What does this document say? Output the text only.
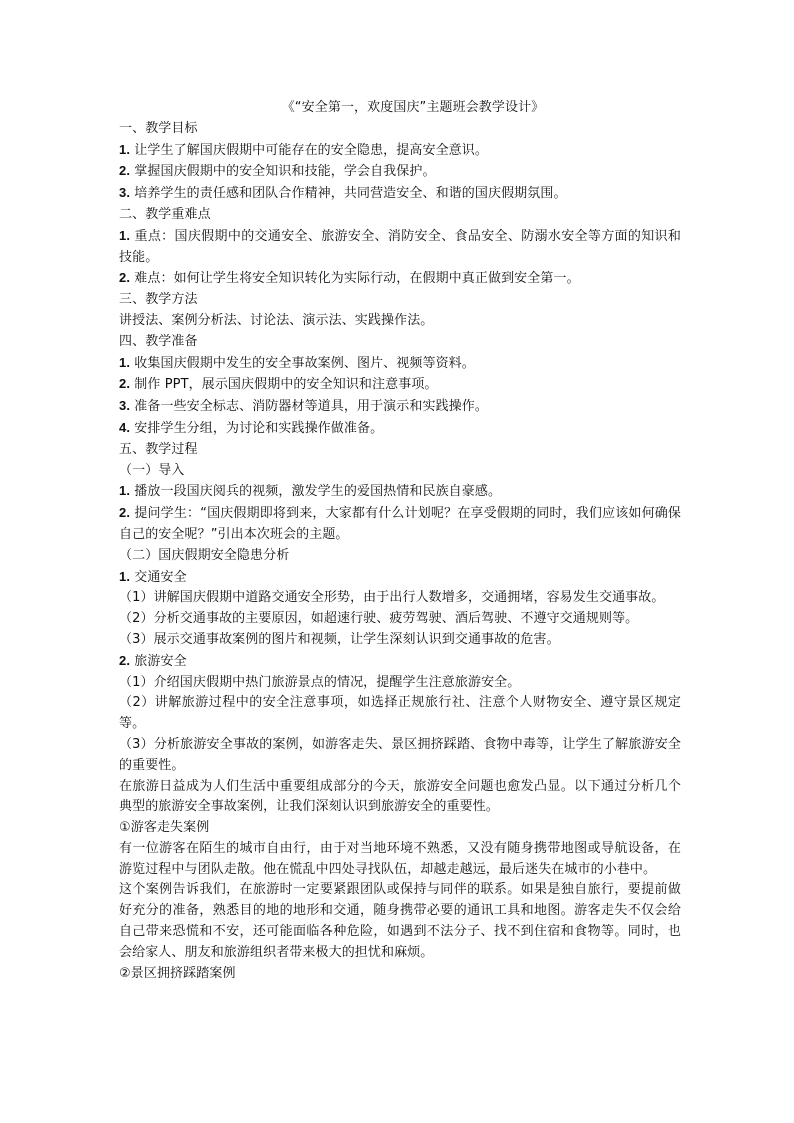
《“安全第一，欢度国庆”主题班会教学设计》

一、教学目标

1. 让学生了解国庆假期中可能存在的安全隐患，提高安全意识。

2. 掌握国庆假期中的安全知识和技能，学会自我保护。

3. 培养学生的责任感和团队合作精神，共同营造安全、和谐的国庆假期氛围。

二、教学重难点

1. 重点：国庆假期中的交通安全、旅游安全、消防安全、食品安全、防溺水安全等方面的知识和技能。

2. 难点：如何让学生将安全知识转化为实际行动，在假期中真正做到安全第一。

三、教学方法

讲授法、案例分析法、讨论法、演示法、实践操作法。

四、教学准备

1. 收集国庆假期中发生的安全事故案例、图片、视频等资料。

2. 制作 PPT，展示国庆假期中的安全知识和注意事项。

3. 准备一些安全标志、消防器材等道具，用于演示和实践操作。

4. 安排学生分组，为讨论和实践操作做准备。

五、教学过程

（一）导入

1. 播放一段国庆阅兵的视频，激发学生的爱国热情和民族自豪感。

2. 提问学生：“国庆假期即将到来，大家都有什么计划呢？在享受假期的同时，我们应该如何确保自己的安全呢？”引出本次班会的主题。

（二）国庆假期安全隐患分析

1. 交通安全

（1）讲解国庆假期中道路交通安全形势，由于出行人数增多，交通拥堵，容易发生交通事故。

（2）分析交通事故的主要原因，如超速行驶、疲劳驾驶、酒后驾驶、不遵守交通规则等。

（3）展示交通事故案例的图片和视频，让学生深刻认识到交通事故的危害。

2. 旅游安全

（1）介绍国庆假期中热门旅游景点的情况，提醒学生注意旅游安全。

（2）讲解旅游过程中的安全注意事项，如选择正规旅行社、注意个人财物安全、遵守景区规定等。

（3）分析旅游安全事故的案例，如游客走失、景区拥挤踩踏、食物中毒等，让学生了解旅游安全的重要性。

在旅游日益成为人们生活中重要组成部分的今天，旅游安全问题也愈发凸显。以下通过分析几个典型的旅游安全事故案例，让我们深刻认识到旅游安全的重要性。

①游客走失案例

有一位游客在陌生的城市自由行，由于对当地环境不熟悉，又没有随身携带地图或导航设备，在游览过程中与团队走散。他在慌乱中四处寻找队伍，却越走越远，最后迷失在城市的小巷中。

这个案例告诉我们，在旅游时一定要紧跟团队或保持与同伴的联系。如果是独自旅行，要提前做好充分的准备，熟悉目的地的地形和交通，随身携带必要的通讯工具和地图。游客走失不仅会给自己带来恐慌和不安，还可能面临各种危险，如遇到不法分子、找不到住宿和食物等。同时，也会给家人、朋友和旅游组织者带来极大的担忧和麻烦。

②景区拥挤踩踏案例
